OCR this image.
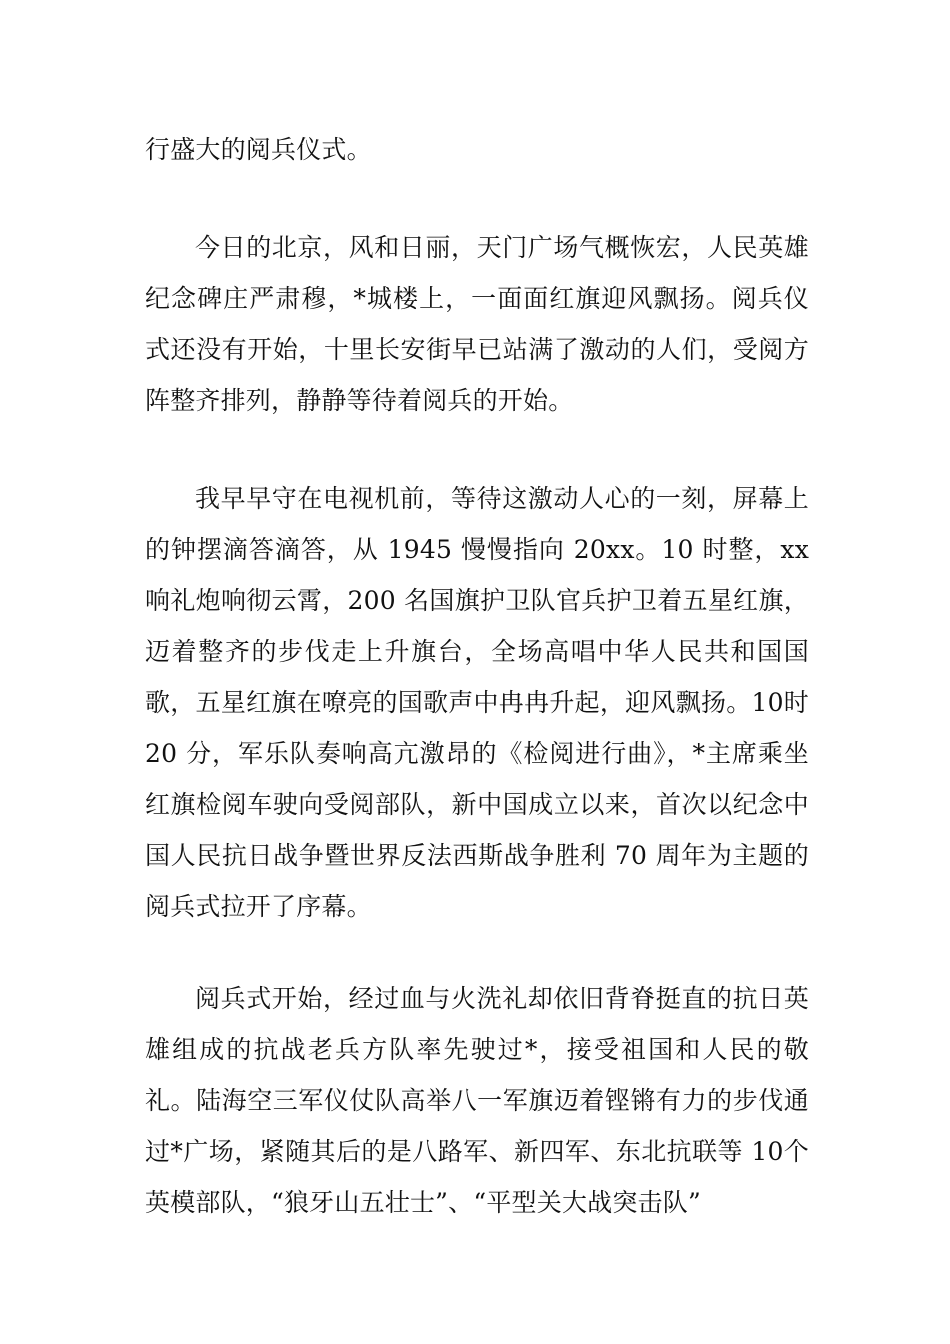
行盛大的阅兵仪式。

今日的北京，风和日丽，天门广场气概恢宏，人民英雄纪念碑庄严肃穆，*城楼上，一面面红旗迎风飘扬。阅兵仪式还没有开始，十里长安街早已站满了激动的人们，受阅方阵整齐排列，静静等待着阅兵的开始。

我早早守在电视机前，等待这激动人心的一刻，屏幕上的钟摆滴答滴答，从 1945 慢慢指向 20xx。10 时整，xx响礼炮响彻云霄，200 名国旗护卫队官兵护卫着五星红旗，迈着整齐的步伐走上升旗台，全场高唱中华人民共和国国歌，五星红旗在嘹亮的国歌声中冉冉升起，迎风飘扬。10时 20 分，军乐队奏响高亢激昂的《检阅进行曲》，*主席乘坐红旗检阅车驶向受阅部队，新中国成立以来，首次以纪念中国人民抗日战争暨世界反法西斯战争胜利 70 周年为主题的阅兵式拉开了序幕。

阅兵式开始，经过血与火洗礼却依旧背脊挺直的抗日英雄组成的抗战老兵方队率先驶过*，接受祖国和人民的敬礼。陆海空三军仪仗队高举八一军旗迈着铿锵有力的步伐通过*广场，紧随其后的是八路军、新四军、东北抗联等 10个英模部队，“狼牙山五壮士”、“平型关大战突击队”
